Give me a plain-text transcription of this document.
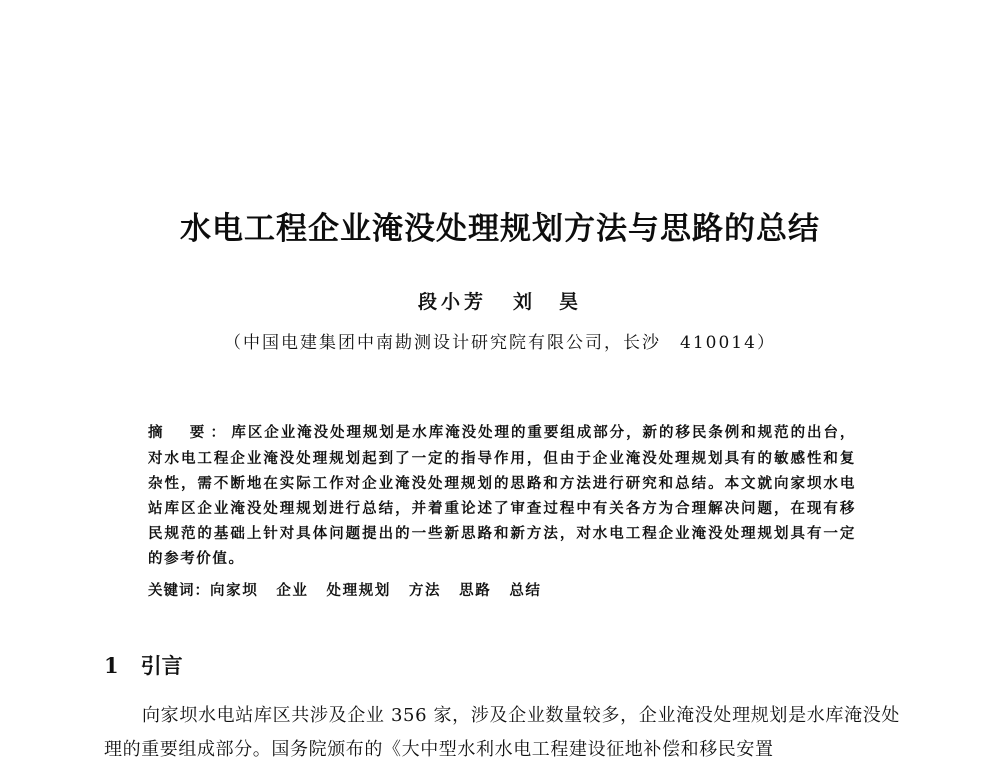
水电工程企业淹没处理规划方法与思路的总结
段小芳 刘　昊
（中国电建集团中南勘测设计研究院有限公司，长沙　410014）
摘　要：库区企业淹没处理规划是水库淹没处理的重要组成部分，新的移民条例和规范的出台，对水电工程企业淹没处理规划起到了一定的指导作用，但由于企业淹没处理规划具有的敏感性和复杂性，需不断地在实际工作对企业淹没处理规划的思路和方法进行研究和总结。本文就向家坝水电站库区企业淹没处理规划进行总结，并着重论述了审查过程中有关各方为合理解决问题，在现有移民规范的基础上针对具体问题提出的一些新思路和新方法，对水电工程企业淹没处理规划具有一定的参考价值。
关键词：向家坝 企业 处理规划 方法 思路 总结
1 引言
向家坝水电站库区共涉及企业 356 家，涉及企业数量较多，企业淹没处理规划是水库淹没处理的重要组成部分。国务院颁布的《大中型水利水电工程建设征地补偿和移民安置
